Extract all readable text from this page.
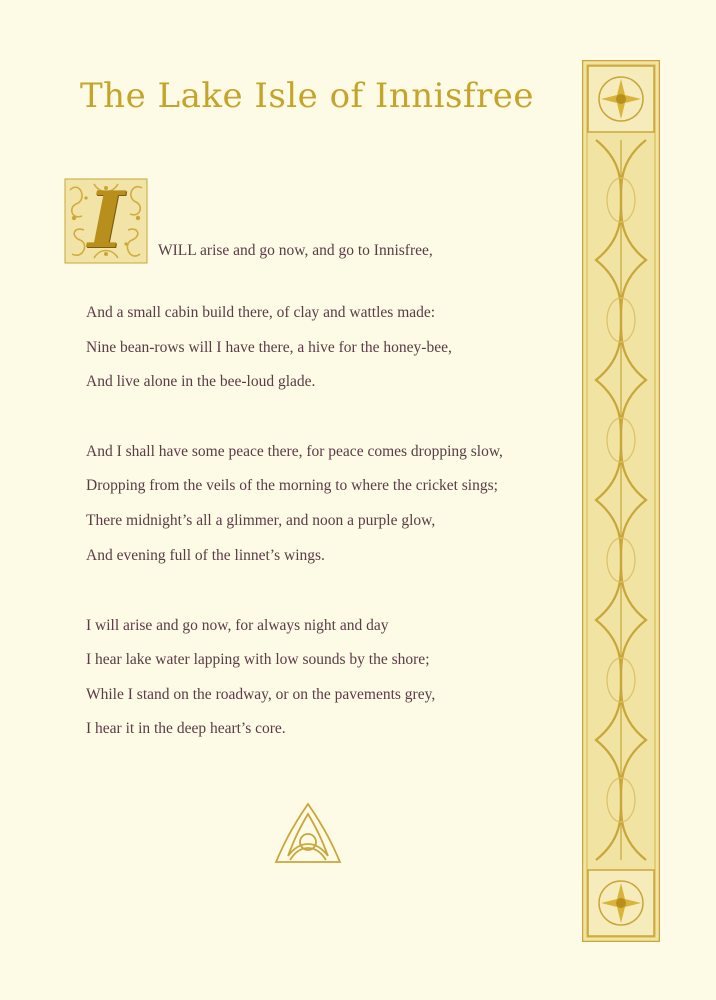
The Lake Isle of Innisfree
I	WILL arise and go now, and go to Innisfree,

And a small cabin build there, of clay and wattles made:

Nine bean-rows will I have there, a hive for the honey-bee,

And live alone in the bee-loud glade.

And I shall have some peace there, for peace comes dropping slow,

Dropping from the veils of the morning to where the cricket sings;

There midnight’s all a glimmer, and noon a purple glow,

And evening full of the linnet’s wings.

I will arise and go now, for always night and day

I hear lake water lapping with low sounds by the shore;

While I stand on the roadway, or on the pavements grey,

I hear it in the deep heart’s core.
